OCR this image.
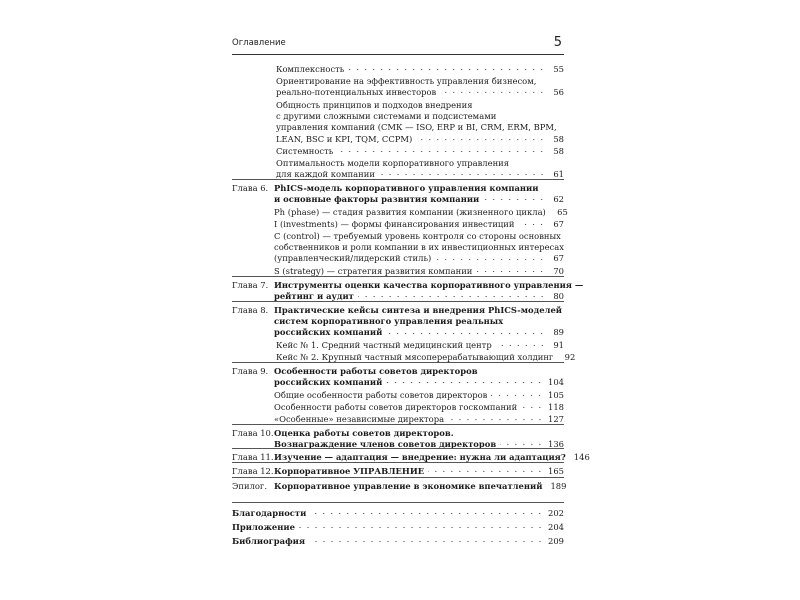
Оглавление	5
Комплексность	55
Ориентирование на эффективность управления бизнесом,
реально-потенциальных инвесторов	56
Общность принципов и подходов внедрения
с другими сложными системами и подсистемами
управления компаний (СМК — ISO, ERP и BI, CRM, ERM, BPM,
LEAN, BSC и KPI, TQM, CCPM)	58
Системность	58
Оптимальность модели корпоративного управления
для каждой компании	61
Глава 6. PhICS-модель корпоративного управления компании
и основные факторы развития компании	62
Ph (phase) — стадия развития компании (жизненного цикла)	65
I (investments) — формы финансирования инвестиций	67
C (control) — требуемый уровень контроля со стороны основных
собственников и роли компании в их инвестиционных интересах
(управленческий/лидерский стиль)	67
S (strategy) — стратегия развития компании	70
Глава 7. Инструменты оценки качества корпоративного управления —
рейтинг и аудит	80
Глава 8. Практические кейсы синтеза и внедрения PhICS-моделей
систем корпоративного управления реальных
российских компаний	89
Кейс № 1. Средний частный медицинский центр	91
Кейс № 2. Крупный частный мясоперерабатывающий холдинг	92
Глава 9. Особенности работы советов директоров
российских компаний	104
Общие особенности работы советов директоров	105
Особенности работы советов директоров госкомпаний	118
«Особенные» независимые директора	127
Глава 10. Оценка работы советов директоров.
Вознаграждение членов советов директоров	136
Глава 11. Изучение — адаптация — внедрение: нужна ли адаптация? 146
Глава 12. Корпоративное УПРАВЛЕНИЕ	165
Эпилог. Корпоративное управление в экономике впечатлений 189
Благодарности	202
Приложение	204
Библиография	209
